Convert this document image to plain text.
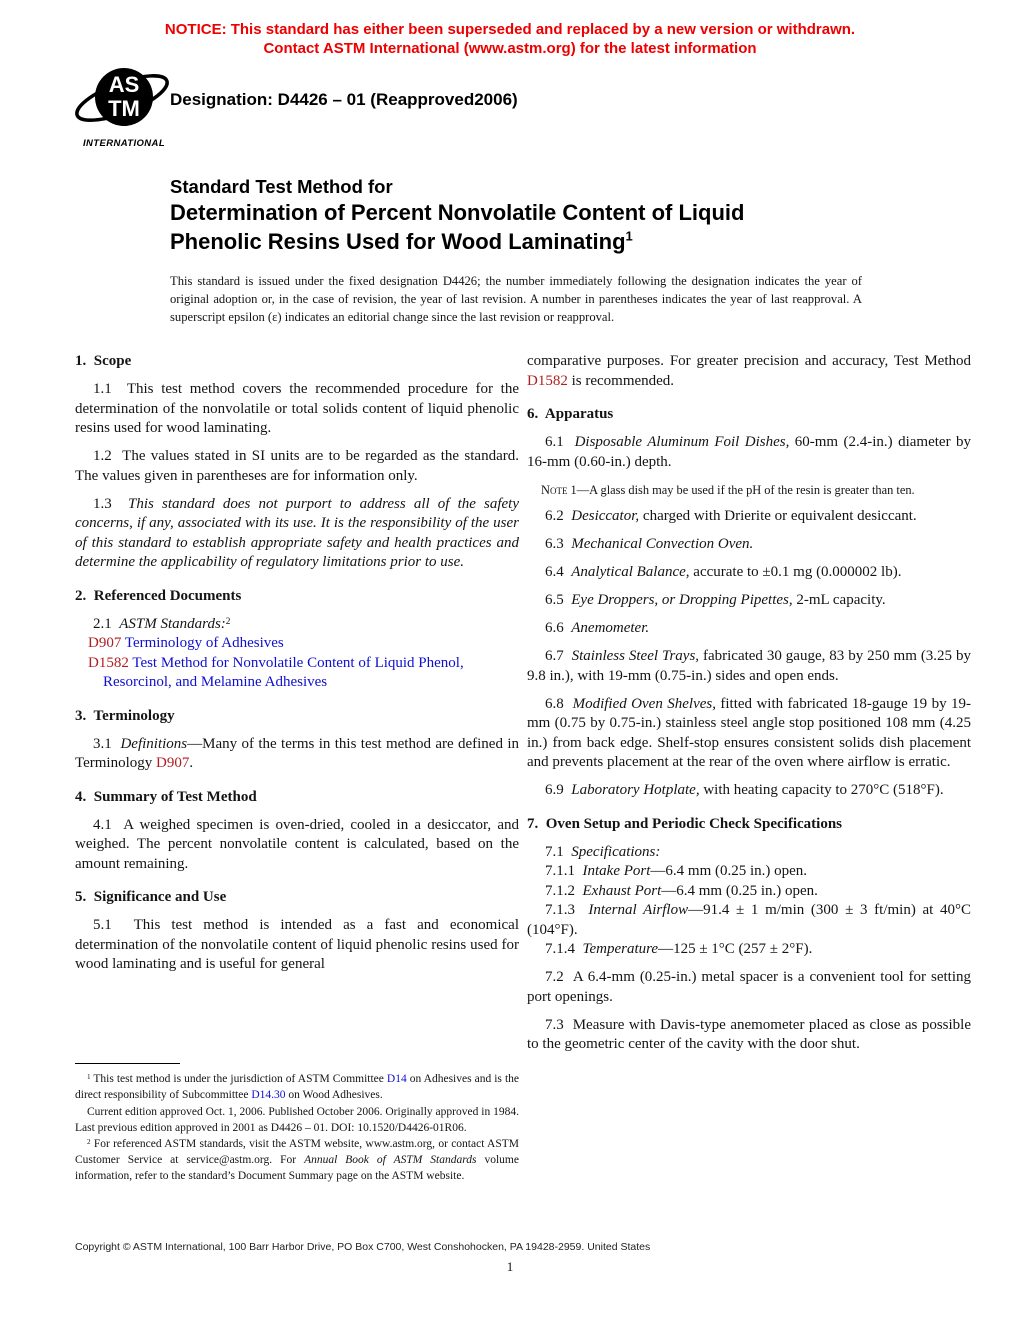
NOTICE: This standard has either been superseded and replaced by a new version or withdrawn.
Contact ASTM International (www.astm.org) for the latest information
AS
TM
INTERNATIONAL
Designation: D4426 – 01 (Reapproved2006)
Standard Test Method for
Determination of Percent Nonvolatile Content of Liquid
Phenolic Resins Used for Wood Laminating$^1$
This standard is issued under the fixed designation D4426; the number immediately following the designation indicates the year of original adoption or, in the case of revision, the year of last revision. A number in parentheses indicates the year of last reapproval. A superscript epsilon (ε) indicates an editorial change since the last revision or reapproval.
1.  Scope

1.1  This test method covers the recommended procedure for the determination of the nonvolatile or total solids content of liquid phenolic resins used for wood laminating.

1.2  The values stated in SI units are to be regarded as the standard. The values given in parentheses are for information only.

1.3  This standard does not purport to address all of the safety concerns, if any, associated with its use. It is the responsibility of the user of this standard to establish appropriate safety and health practices and determine the applicability of regulatory limitations prior to use.

2.  Referenced Documents

2.1  ASTM Standards:$^2$

D907 Terminology of Adhesives

D1582 Test Method for Nonvolatile Content of Liquid Phenol, Resorcinol, and Melamine Adhesives

3.  Terminology

3.1  Definitions—Many of the terms in this test method are defined in Terminology D907.

4.  Summary of Test Method

4.1  A weighed specimen is oven-dried, cooled in a desiccator, and weighed. The percent nonvolatile content is calculated, based on the amount remaining.

5.  Significance and Use

5.1  This test method is intended as a fast and economical determination of the nonvolatile content of liquid phenolic resins used for wood laminating and is useful for general

$^1$ This test method is under the jurisdiction of ASTM Committee D14 on Adhesives and is the direct responsibility of Subcommittee D14.30 on Wood Adhesives.

Current edition approved Oct. 1, 2006. Published October 2006. Originally approved in 1984. Last previous edition approved in 2001 as D4426 – 01. DOI: 10.1520/D4426-01R06.

$^2$ For referenced ASTM standards, visit the ASTM website, www.astm.org, or contact ASTM Customer Service at service@astm.org. For Annual Book of ASTM Standards volume information, refer to the standard’s Document Summary page on the ASTM website.

comparative purposes. For greater precision and accuracy, Test Method D1582 is recommended.

6.  Apparatus

6.1  Disposable Aluminum Foil Dishes, 60-mm (2.4-in.) diameter by 16-mm (0.60-in.) depth.

Note 1—A glass dish may be used if the pH of the resin is greater than ten.

6.2  Desiccator, charged with Drierite or equivalent desiccant.

6.3  Mechanical Convection Oven.

6.4  Analytical Balance, accurate to ±0.1 mg (0.000002 lb).

6.5  Eye Droppers, or Dropping Pipettes, 2-mL capacity.

6.6  Anemometer.

6.7  Stainless Steel Trays, fabricated 30 gauge, 83 by 250 mm (3.25 by 9.8 in.), with 19-mm (0.75-in.) sides and open ends.

6.8  Modified Oven Shelves, fitted with fabricated 18-gauge 19 by 19-mm (0.75 by 0.75-in.) stainless steel angle stop positioned 108 mm (4.25 in.) from back edge. Shelf-stop ensures consistent solids dish placement and prevents placement at the rear of the oven where airflow is erratic.

6.9  Laboratory Hotplate, with heating capacity to 270°C (518°F).

7.  Oven Setup and Periodic Check Specifications

7.1  Specifications:

7.1.1  Intake Port—6.4 mm (0.25 in.) open.

7.1.2  Exhaust Port—6.4 mm (0.25 in.) open.

7.1.3  Internal Airflow—91.4 ± 1 m/min (300 ± 3 ft/min) at 40°C (104°F).

7.1.4  Temperature—125 ± 1°C (257 ± 2°F).

7.2  A 6.4-mm (0.25-in.) metal spacer is a convenient tool for setting port openings.

7.3  Measure with Davis-type anemometer placed as close as possible to the geometric center of the cavity with the door shut.

Copyright © ASTM International, 100 Barr Harbor Drive, PO Box C700, West Conshohocken, PA 19428-2959. United States
1
